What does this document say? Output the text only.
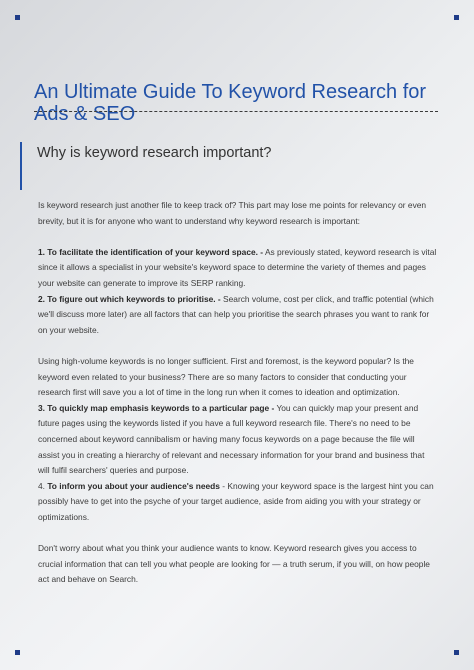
An Ultimate Guide To Keyword Research for Ads & SEO
Why is keyword research important?

Is keyword research just another file to keep track of? This part may lose me points for relevancy or even brevity, but it is for anyone who want to understand why keyword research is important:

1. To facilitate the identification of your keyword space. - As previously stated, keyword research is vital since it allows a specialist in your website's keyword space to determine the variety of themes and pages your website can generate to improve its SERP ranking.

2. To figure out which keywords to prioritise. - Search volume, cost per click, and traffic potential (which we'll discuss more later) are all factors that can help you prioritise the search phrases you want to rank for on your website.

Using high-volume keywords is no longer sufficient. First and foremost, is the keyword popular? Is the keyword even related to your business? There are so many factors to consider that conducting your research first will save you a lot of time in the long run when it comes to ideation and optimization.

3. To quickly map emphasis keywords to a particular page - You can quickly map your present and future pages using the keywords listed if you have a full keyword research file. There's no need to be concerned about keyword cannibalism or having many focus keywords on a page because the file will assist you in creating a hierarchy of relevant and necessary information for your brand and business that will fulfil searchers' queries and purpose.

4. To inform you about your audience's needs - Knowing your keyword space is the largest hint you can possibly have to get into the psyche of your target audience, aside from aiding you with your strategy or optimizations.

Don't worry about what you think your audience wants to know. Keyword research gives you access to crucial information that can tell you what people are looking for — a truth serum, if you will, on how people act and behave on Search.
